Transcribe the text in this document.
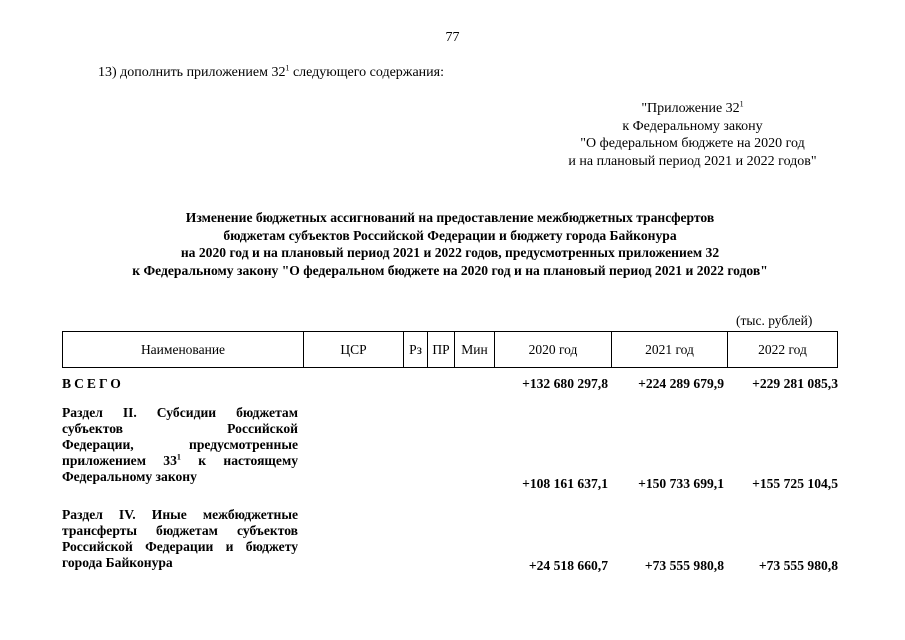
77
13) дополнить приложением $32^1$ следующего содержания:
"Приложение $32^1$
к Федеральному закону
"О федеральном бюджете на 2020 год
и на плановый период 2021 и 2022 годов"
Изменение бюджетных ассигнований на предоставление межбюджетных трансфертов
бюджетам субъектов Российской Федерации и бюджету города Байконура
на 2020 год и на плановый период 2021 и 2022 годов, предусмотренных приложением 32
к Федеральному закону "О федеральном бюджете на 2020 год и на плановый период 2021 и 2022 годов"
(тыс. рублей)
Наименование	ЦСР	Рз ПР Мин	2020 год	2021 год	2022 год
ВСЕГО	+132 680 297,8	+224 289 679,9	+229 281 085,3
Раздел II. Субсидии бюджетам
субъектов Российской
Федерации, предусмотренные
приложением $33^1$ к настоящему
Федеральному закону	+108 161 637,1	+150 733 699,1	+155 725 104,5
Раздел IV. Иные межбюджетные
трансферты бюджетам субъектов
Российской Федерации и бюджету
города Байконура	+24 518 660,7	+73 555 980,8	+73 555 980,8
